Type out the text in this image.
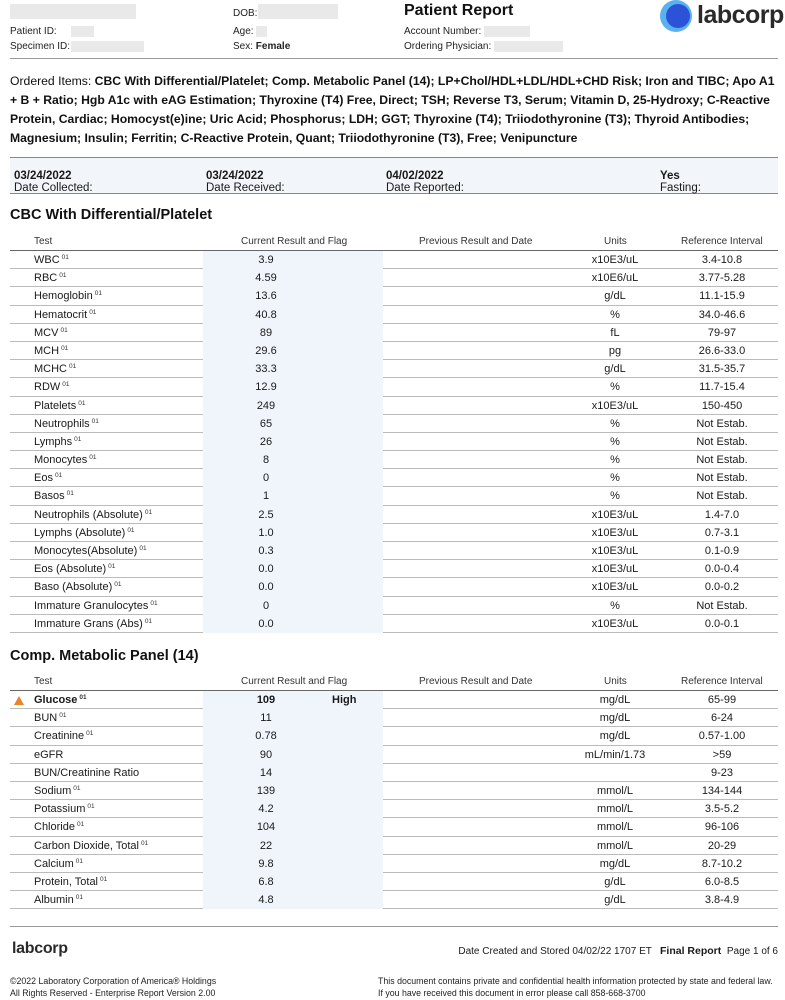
Patient ID:
Specimen ID:
DOB:
Age:
Sex: Female
Patient Report
Account Number:
Ordering Physician:
labcorp
Ordered Items: CBC With Differential/Platelet; Comp. Metabolic Panel (14); LP+Chol/HDL+LDL/HDL+CHD Risk; Iron and TIBC; Apo A1 + B + Ratio; Hgb A1c with eAG Estimation; Thyroxine (T4) Free, Direct; TSH; Reverse T3, Serum; Vitamin D, 25-Hydroxy; C-Reactive Protein, Cardiac; Homocyst(e)ine; Uric Acid; Phosphorus; LDH; GGT; Thyroxine (T4); Triiodothyronine (T3); Thyroid Antibodies; Magnesium; Insulin; Ferritin; C-Reactive Protein, Quant; Triiodothyronine (T3), Free; Venipuncture
Date Collected:
03/24/2022
Date Received:
03/24/2022
Date Reported:
04/02/2022
Fasting:
Yes
CBC With Differential/Platelet
Test	Current Result and Flag	Previous Result and Date	Units	Reference Interval
WBC $^{01}$	3.9	x10E3/uL	3.4-10.8
RBC $^{01}$	4.59	x10E6/uL	3.77-5.28
Hemoglobin $^{01}$	13.6	g/dL	11.1-15.9
Hematocrit $^{01}$	40.8	%	34.0-46.6
MCV $^{01}$	89	fL	79-97
MCH $^{01}$	29.6	pg	26.6-33.0
MCHC $^{01}$	33.3	g/dL	31.5-35.7
RDW $^{01}$	12.9	%	11.7-15.4
Platelets $^{01}$	249	x10E3/uL	150-450
Neutrophils $^{01}$	65	%	Not Estab.
Lymphs $^{01}$	26	%	Not Estab.
Monocytes $^{01}$	8	%	Not Estab.
Eos $^{01}$	0	%	Not Estab.
Basos $^{01}$	1	%	Not Estab.
Neutrophils (Absolute) $^{01}$	2.5	x10E3/uL	1.4-7.0
Lymphs (Absolute) $^{01}$	1.0	x10E3/uL	0.7-3.1
Monocytes(Absolute) $^{01}$	0.3	x10E3/uL	0.1-0.9
Eos (Absolute) $^{01}$	0.0	x10E3/uL	0.0-0.4
Baso (Absolute) $^{01}$	0.0	x10E3/uL	0.0-0.2
Immature Granulocytes $^{01}$	0	%	Not Estab.
Immature Grans (Abs) $^{01}$	0.0	x10E3/uL	0.0-0.1
Comp. Metabolic Panel (14)
Test	Current Result and Flag	Previous Result and Date	Units	Reference Interval
Glucose $^{01}$	109	High	mg/dL	65-99
BUN $^{01}$	11	mg/dL	6-24
Creatinine $^{01}$	0.78	mg/dL	0.57-1.00
eGFR	90	mL/min/1.73	>59
BUN/Creatinine Ratio	14	9-23
Sodium $^{01}$	139	mmol/L	134-144
Potassium $^{01}$	4.2	mmol/L	3.5-5.2
Chloride $^{01}$	104	mmol/L	96-106
Carbon Dioxide, Total $^{01}$	22	mmol/L	20-29
Calcium $^{01}$	9.8	mg/dL	8.7-10.2
Protein, Total $^{01}$	6.8	g/dL	6.0-8.5
Albumin $^{01}$	4.8	g/dL	3.8-4.9
labcorp	Date Created and Stored 04/02/22 1707 ET Final Report Page 1 of 6
©2022 Laboratory Corporation of America® Holdings
All Rights Reserved - Enterprise Report Version 2.00
This document contains private and confidential health information protected by state and federal law.
If you have received this document in error please call 858-668-3700
